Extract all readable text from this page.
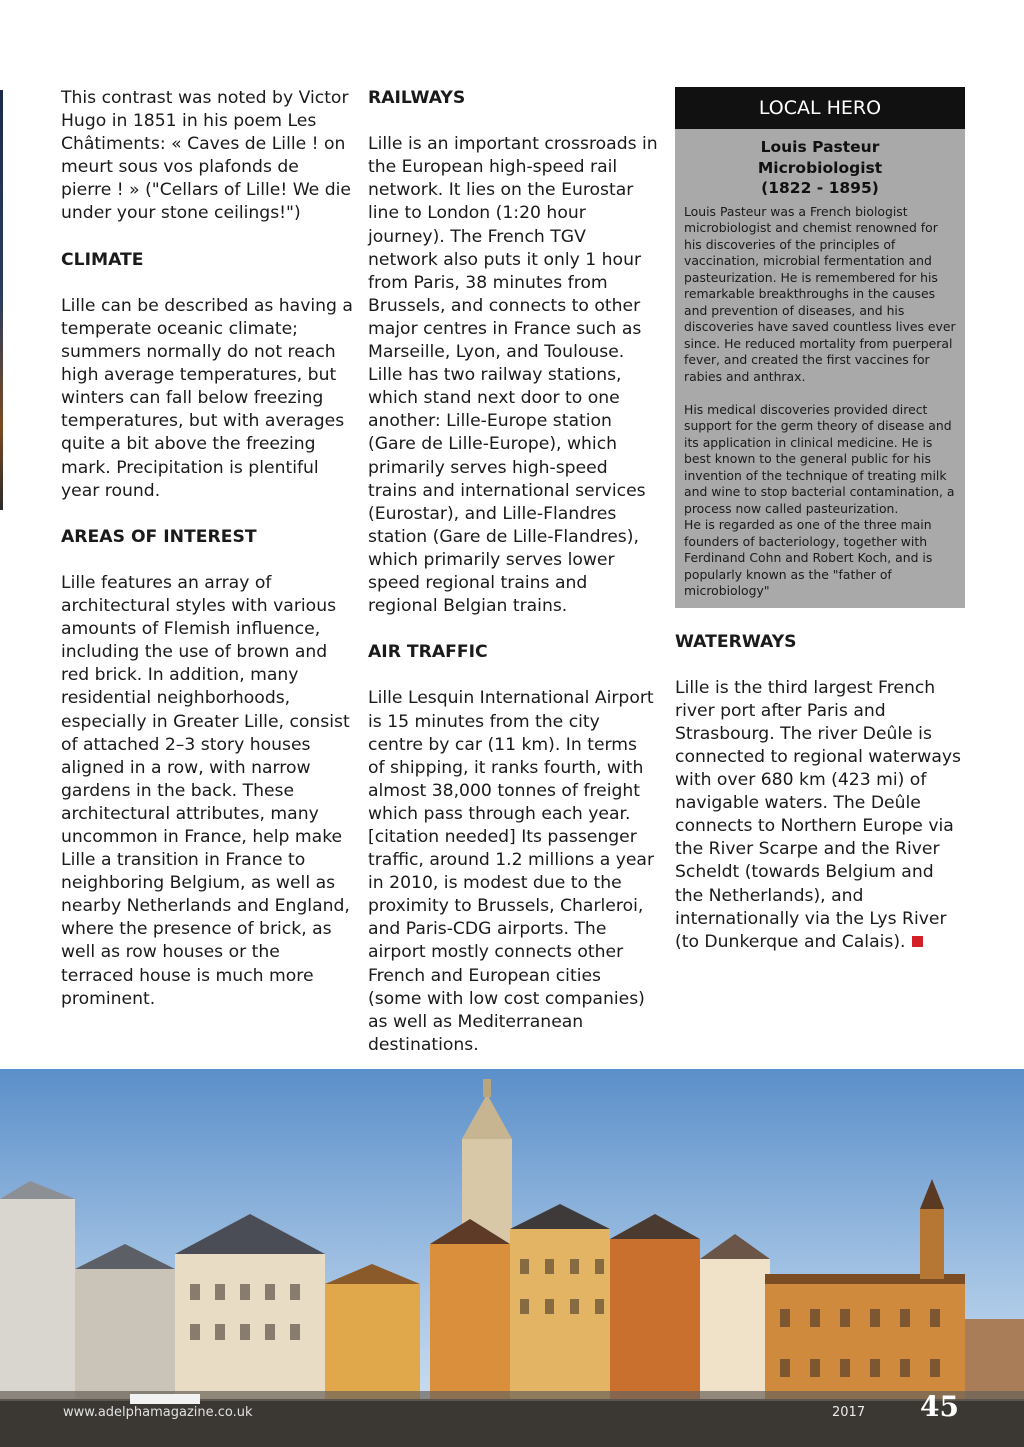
This contrast was noted by Victor Hugo in 1851 in his poem Les Châtiments: « Caves de Lille ! on meurt sous vos plafonds de pierre ! » ("Cellars of Lille! We die under your stone ceilings!")

CLIMATE

Lille can be described as having a temperate oceanic climate; summers normally do not reach high average temperatures, but winters can fall below freezing temperatures, but with averages quite a bit above the freezing mark. Precipitation is plentiful year round.

AREAS OF INTEREST

Lille features an array of architectural styles with various amounts of Flemish influence, including the use of brown and red brick. In addition, many residential neighborhoods, especially in Greater Lille, consist of attached 2–3 story houses aligned in a row, with narrow gardens in the back. These architectural attributes, many uncommon in France, help make Lille a transition in France to neighboring Belgium, as well as nearby Netherlands and England, where the presence of brick, as well as row houses or the terraced house is much more prominent.

RAILWAYS

Lille is an important crossroads in the European high-speed rail network. It lies on the Eurostar line to London (1:20 hour journey). The French TGV network also puts it only 1 hour from Paris, 38 minutes from Brussels, and connects to other major centres in France such as Marseille, Lyon, and Toulouse. Lille has two railway stations, which stand next door to one another: Lille-Europe station (Gare de Lille-Europe), which primarily serves high-speed trains and international services (Eurostar), and Lille-Flandres station (Gare de Lille-Flandres), which primarily serves lower speed regional trains and regional Belgian trains.

AIR TRAFFIC

Lille Lesquin International Airport is 15 minutes from the city centre by car (11 km). In terms of shipping, it ranks fourth, with almost 38,000 tonnes of freight which pass through each year.[citation needed] Its passenger traffic, around 1.2 millions a year in 2010, is modest due to the proximity to Brussels, Charleroi, and Paris-CDG airports. The airport mostly connects other French and European cities (some with low cost companies) as well as Mediterranean destinations.

LOCAL HERO
Louis Pasteur
Microbiologist
(1822 - 1895)

Louis Pasteur was a French biologist microbiologist and chemist renowned for his discoveries of the principles of vaccination, microbial fermentation and pasteurization. He is remembered for his remarkable breakthroughs in the causes and prevention of diseases, and his discoveries have saved countless lives ever since. He reduced mortality from puerperal fever, and created the first vaccines for rabies and anthrax.

His medical discoveries provided direct support for the germ theory of disease and its application in clinical medicine. He is best known to the general public for his invention of the technique of treating milk and wine to stop bacterial contamination, a process now called pasteurization.

He is regarded as one of the three main founders of bacteriology, together with Ferdinand Cohn and Robert Koch, and is popularly known as the "father of microbiology"

WATERWAYS

Lille is the third largest French river port after Paris and Strasbourg. The river Deûle is connected to regional waterways with over 680 km (423 mi) of navigable waters. The Deûle connects to Northern Europe via the River Scarpe and the River Scheldt (towards Belgium and the Netherlands), and internationally via the Lys River (to Dunkerque and Calais).

www.adelphamagazine.co.uk	2017 45
